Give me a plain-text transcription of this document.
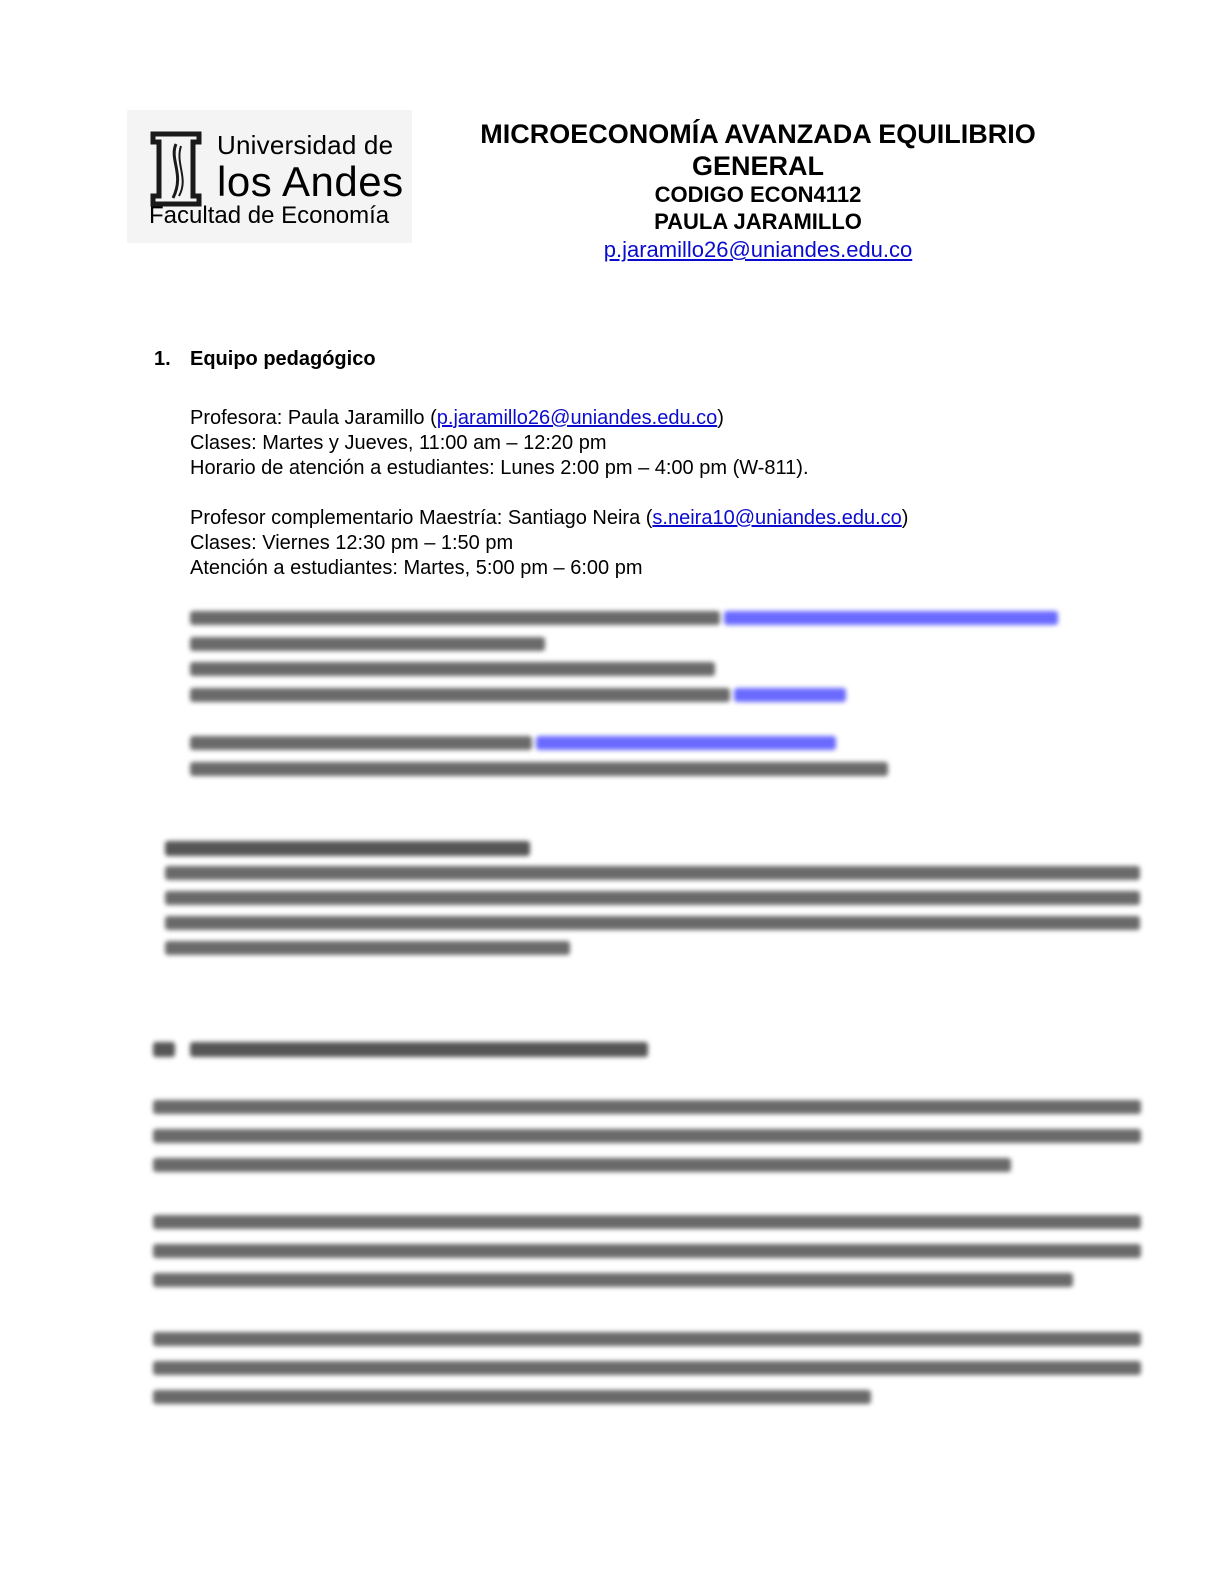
Universidad de
los Andes
Facultad de Economía
MICROECONOMÍA AVANZADA EQUILIBRIO GENERAL
CODIGO ECON4112
PAULA JARAMILLO
p.jaramillo26@uniandes.edu.co
1. Equipo pedagógico
Profesora: Paula Jaramillo (p.jaramillo26@uniandes.edu.co)
Clases: Martes y Jueves, 11:00 am – 12:20 pm
Horario de atención a estudiantes: Lunes 2:00 pm – 4:00 pm (W-811).
Profesor complementario Maestría: Santiago Neira (s.neira10@uniandes.edu.co)
Clases: Viernes 12:30 pm – 1:50 pm
Atención a estudiantes: Martes, 5:00 pm – 6:00 pm
